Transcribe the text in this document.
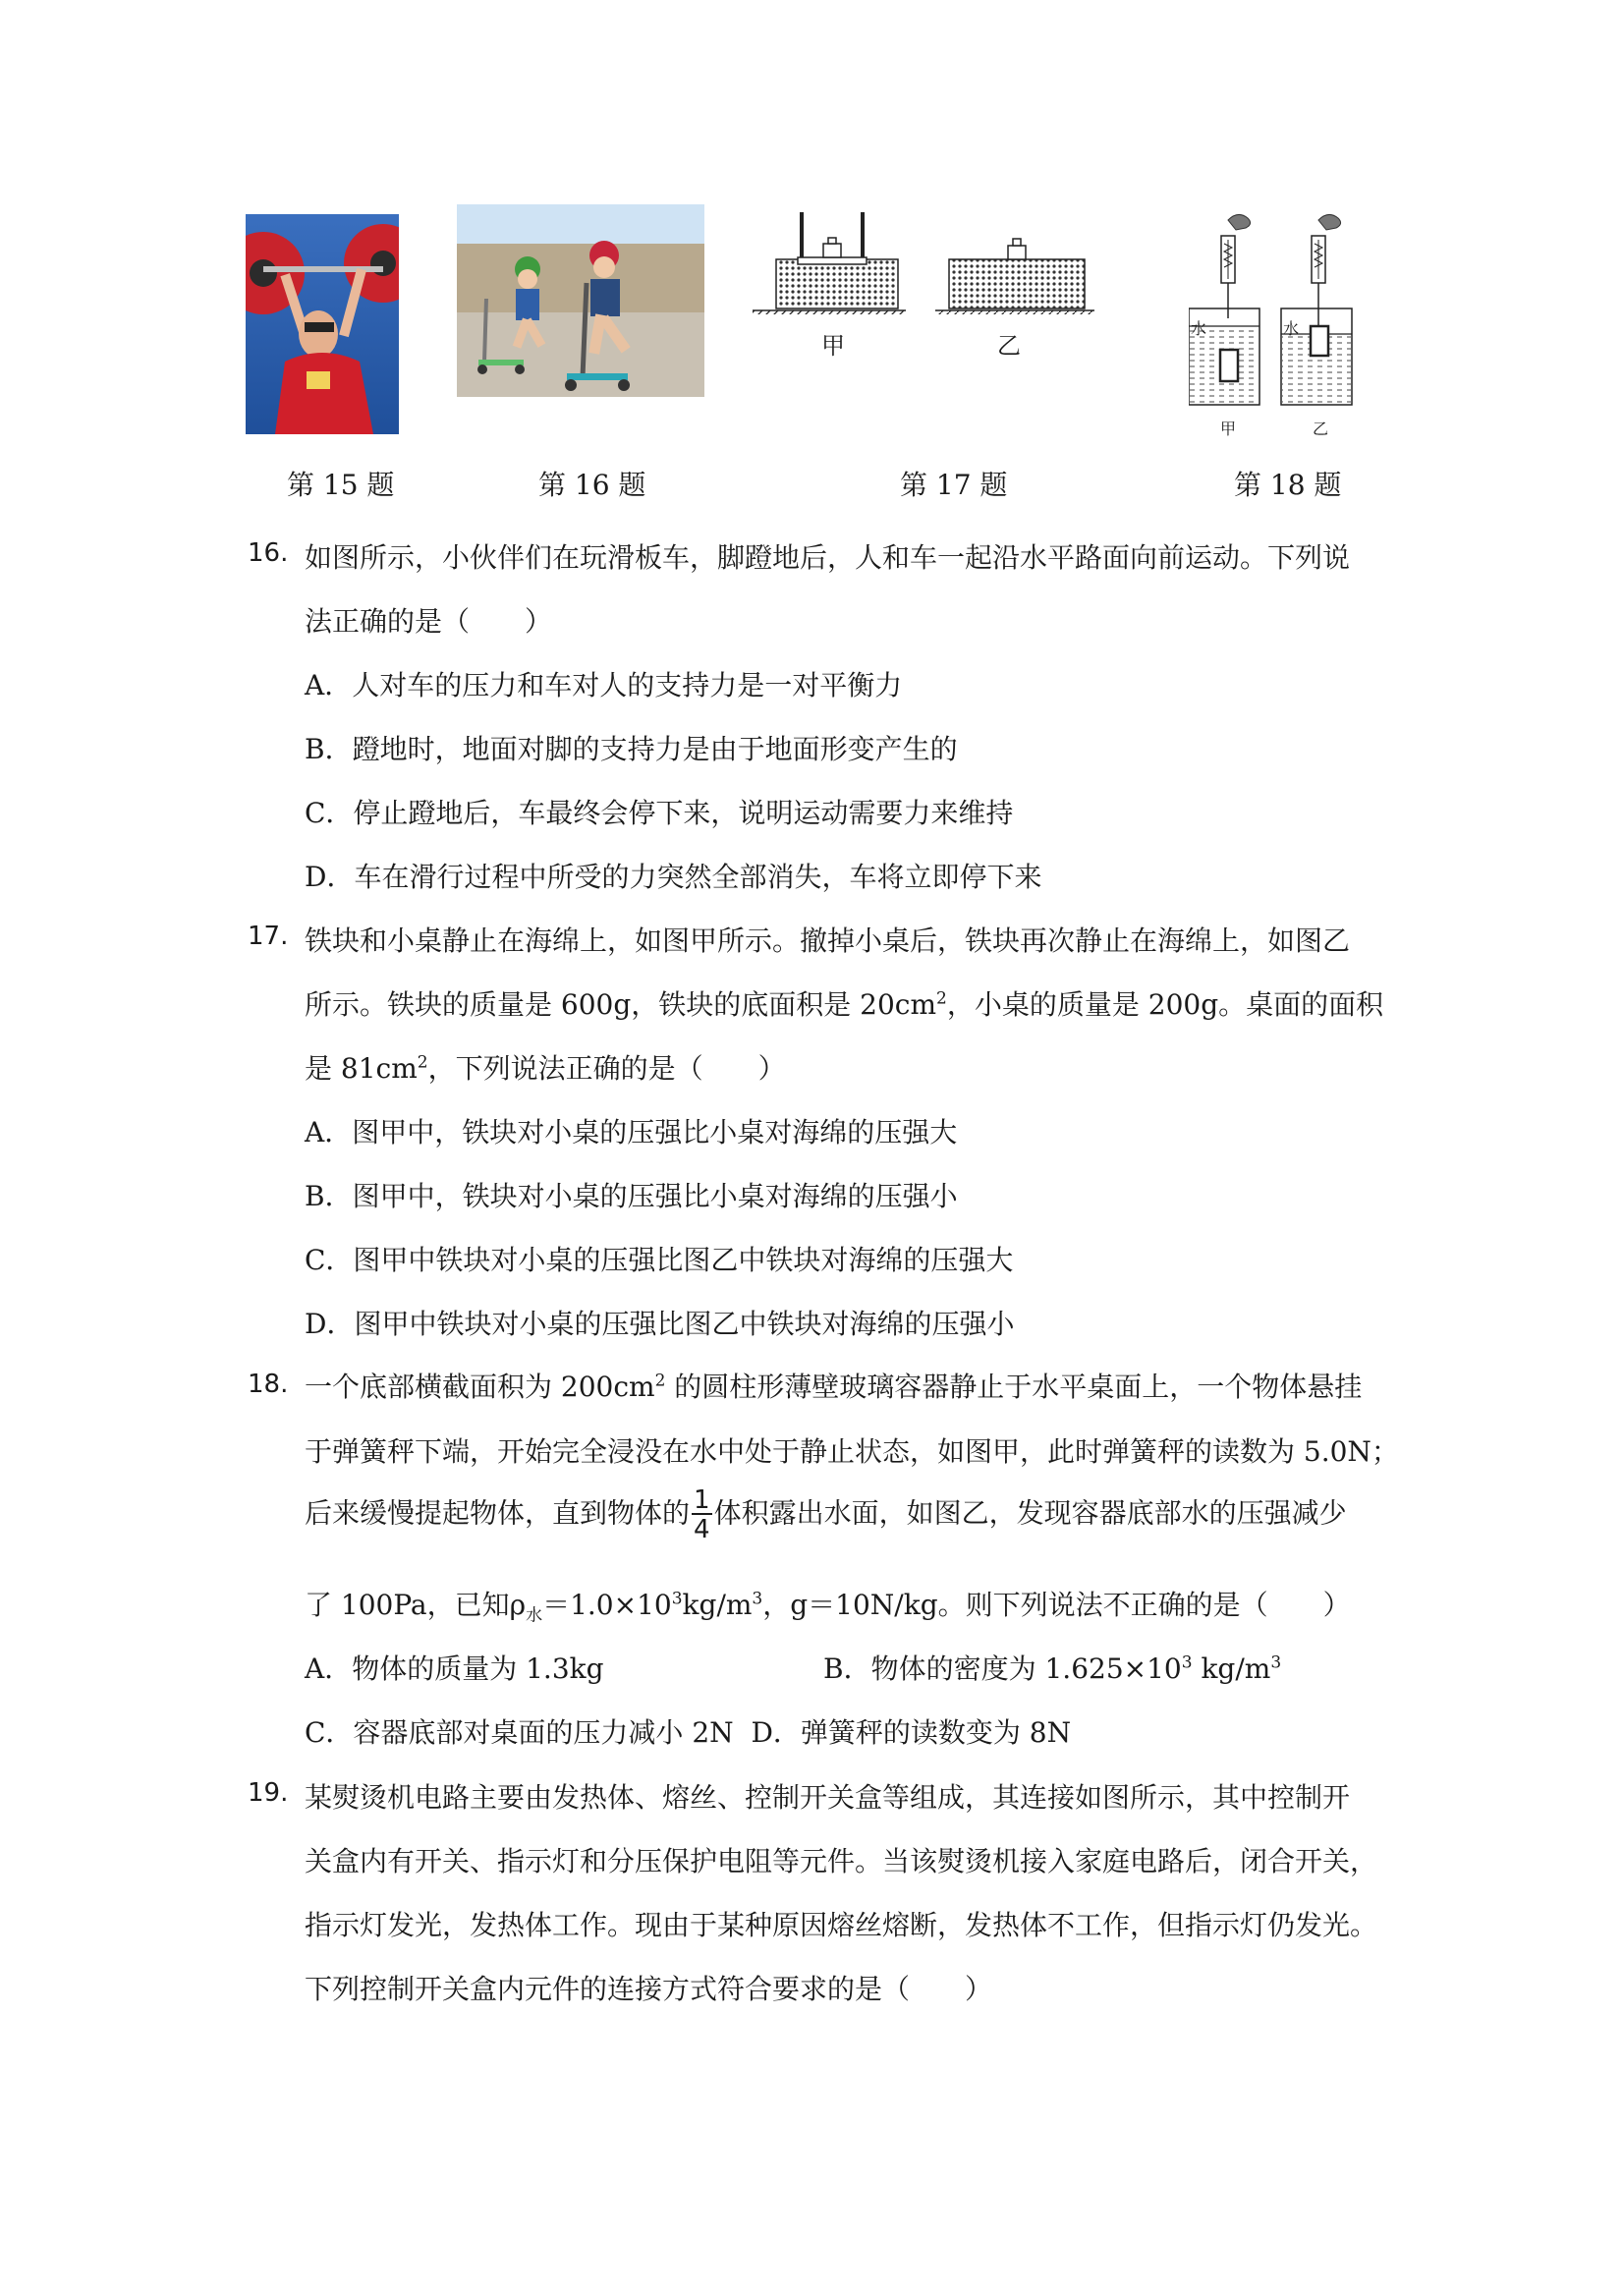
甲	乙
水	水
甲	乙
第 15 题	第 16 题	第 17 题	第 18 题
16. 如图所示，小伙伴们在玩滑板车，脚蹬地后，人和车一起沿水平路面向前运动。下列说
法正确的是（　　）
A．人对车的压力和车对人的支持力是一对平衡力
B．蹬地时，地面对脚的支持力是由于地面形变产生的
C．停止蹬地后，车最终会停下来，说明运动需要力来维持
D．车在滑行过程中所受的力突然全部消失，车将立即停下来
17. 铁块和小桌静止在海绵上，如图甲所示。撤掉小桌后，铁块再次静止在海绵上，如图乙
所示。铁块的质量是 600g，铁块的底面积是 $20cm^2$，小桌的质量是 200g。桌面的面积
是 $81cm^2$，下列说法正确的是（　　）
A．图甲中，铁块对小桌的压强比小桌对海绵的压强大
B．图甲中，铁块对小桌的压强比小桌对海绵的压强小
C．图甲中铁块对小桌的压强比图乙中铁块对海绵的压强大
D．图甲中铁块对小桌的压强比图乙中铁块对海绵的压强小
18. 一个底部横截面积为 $200cm^2$ 的圆柱形薄壁玻璃容器静止于水平桌面上，一个物体悬挂
于弹簧秤下端，开始完全浸没在水中处于静止状态，如图甲，此时弹簧秤的读数为 5.0N；
后来缓慢提起物体，直到物体的 $\frac{1}{4}$ 体积露出水面，如图乙，发现容器底部水的压强减少
了 100Pa，已知$\rho_水=1.0\times 10^3kg/m^3$，g＝10N/kg。则下列说法不正确的是（　　）
A．物体的质量为 1.3kg	B．物体的密度为 $1.625\times 10^3$ $kg/m^3$
C．容器底部对桌面的压力减小 2N D．弹簧秤的读数变为 8N
19. 某熨烫机电路主要由发热体、熔丝、控制开关盒等组成，其连接如图所示，其中控制开
关盒内有开关、指示灯和分压保护电阻等元件。当该熨烫机接入家庭电路后，闭合开关，
指示灯发光，发热体工作。现由于某种原因熔丝熔断，发热体不工作，但指示灯仍发光。
下列控制开关盒内元件的连接方式符合要求的是（　　）
